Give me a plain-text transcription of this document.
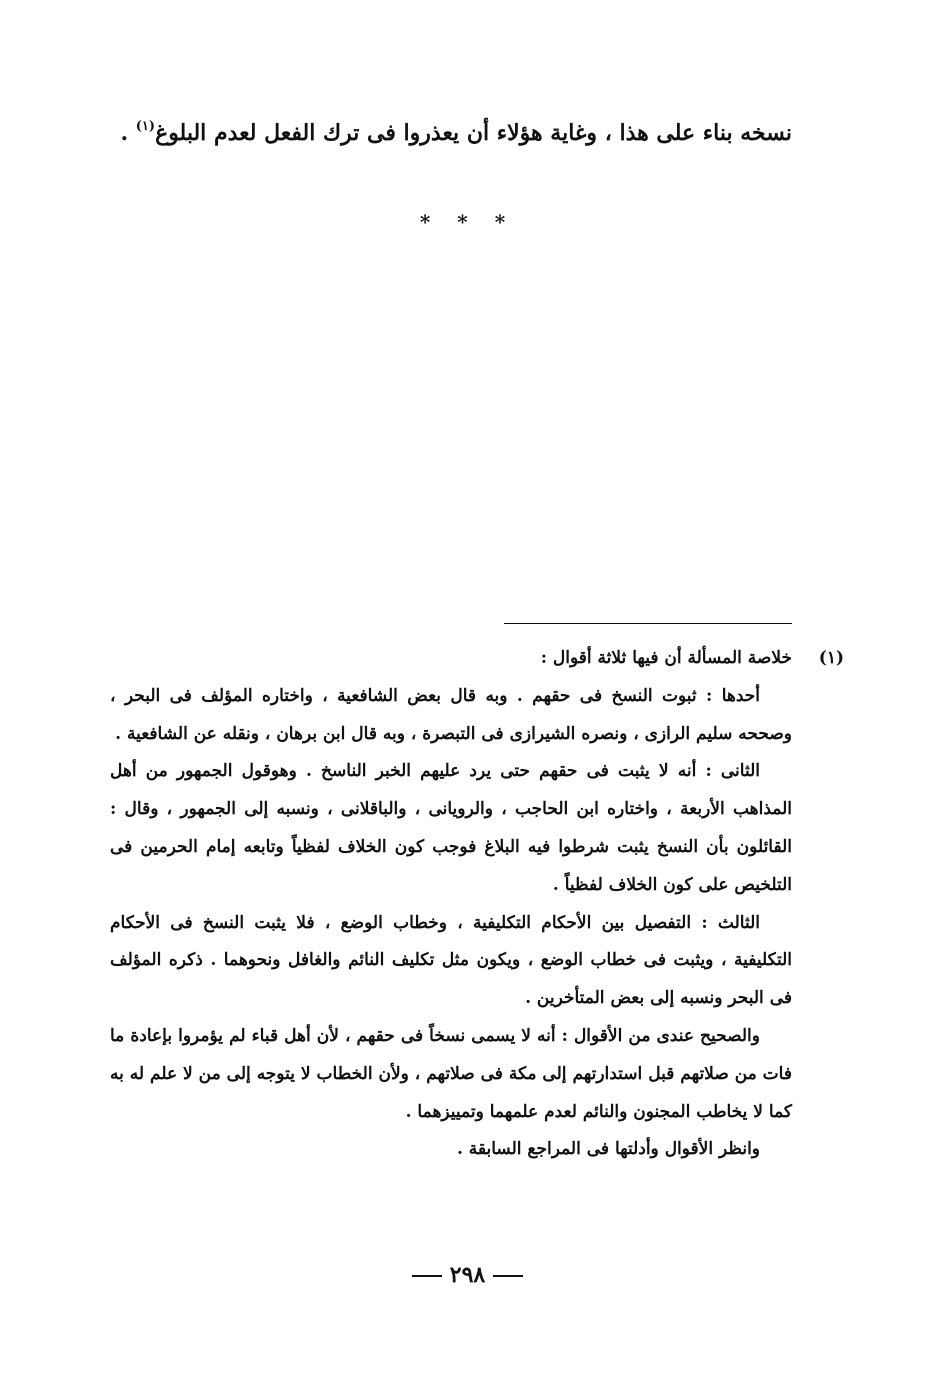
نسخه بناء على هذا ، وغاية هؤلاء أن يعذروا فى ترك الفعل لعدم البلوغ$^{(١)}$ .
* * *
(١)
خلاصة المسألة أن فيها ثلاثة أقوال :

أحدها : ثبوت النسخ فى حقهم . وبه قال بعض الشافعية ، واختاره المؤلف فى البحر ، وصححه سليم الرازى ، ونصره الشيرازى فى التبصرة ، وبه قال ابن برهان ، ونقله عن الشافعية .

الثانى : أنه لا يثبت فى حقهم حتى يرد عليهم الخبر الناسخ . وهوقول الجمهور من أهل المذاهب الأربعة ، واختاره ابن الحاجب ، والرويانى ، والباقلانى ، ونسبه إلى الجمهور ، وقال : القائلون بأن النسخ يثبت شرطوا فيه البلاغ فوجب كون الخلاف لفظياً وتابعه إمام الحرمين فى التلخيص على كون الخلاف لفظياً .

الثالث : التفصيل بين الأحكام التكليفية ، وخطاب الوضع ، فلا يثبت النسخ فى الأحكام التكليفية ، ويثبت فى خطاب الوضع ، ويكون مثل تكليف النائم والغافل ونحوهما . ذكره المؤلف فى البحر ونسبه إلى بعض المتأخرين .

والصحيح عندى من الأقوال : أنه لا يسمى نسخاً فى حقهم ، لأن أهل قباء لم يؤمروا بإعادة ما فات من صلاتهم قبل استدارتهم إلى مكة فى صلاتهم ، ولأن الخطاب لا يتوجه إلى من لا علم له به كما لا يخاطب المجنون والنائم لعدم علمهما وتمييزهما .

وانظر الأقوال وأدلتها فى المراجع السابقة .

٢٩٨
